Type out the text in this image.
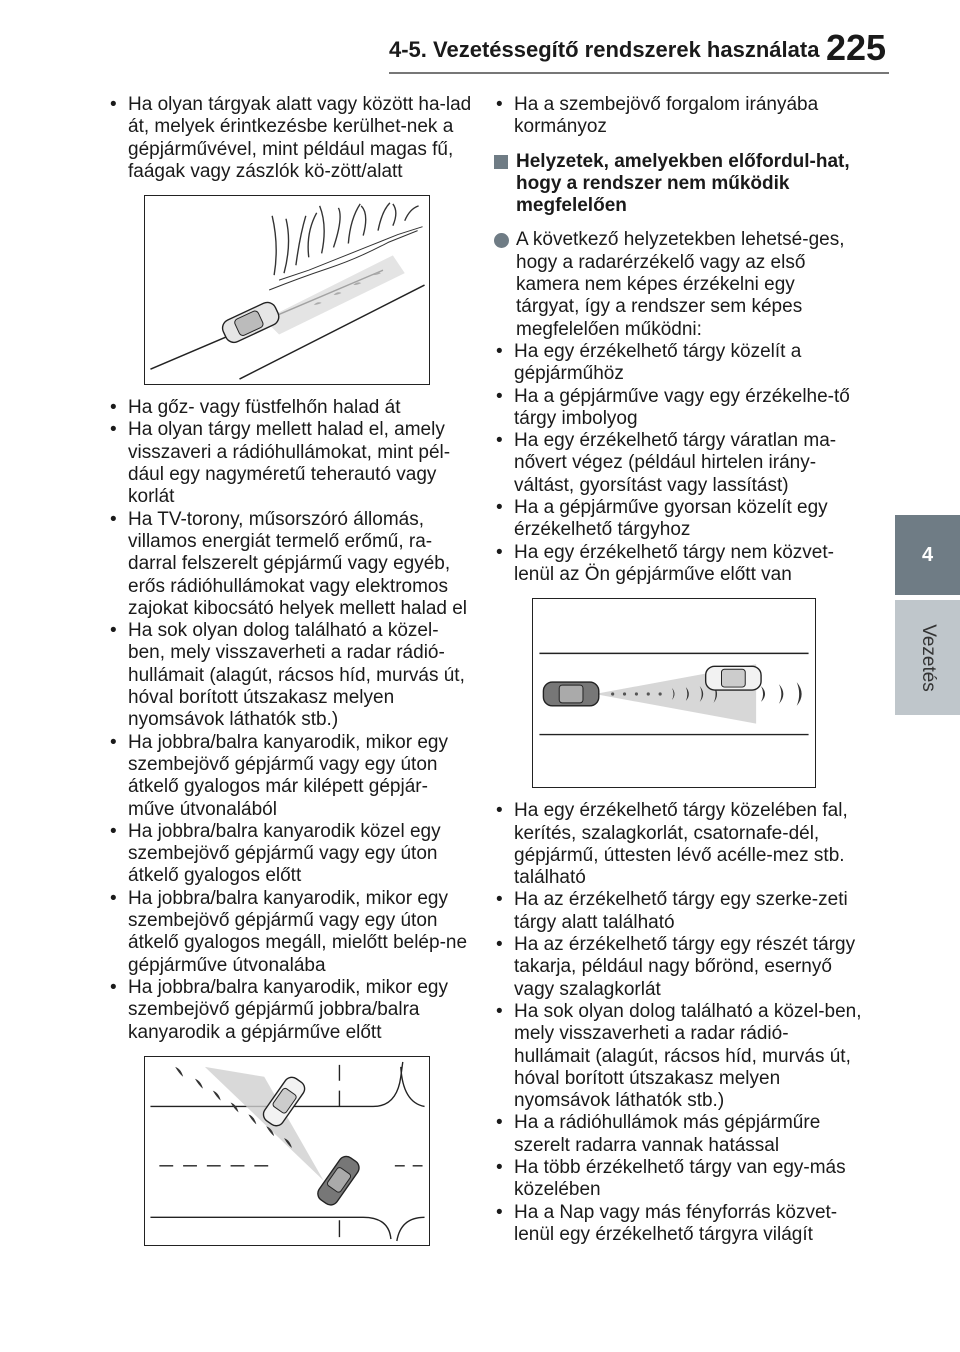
4-5. Vezetéssegítő rendszerek használata 225
4
Vezetés
• Ha olyan tárgyak alatt vagy között ha-lad át, melyek érintkezésbe kerülhet-nek a gépjárművével, mint például magas fű, faágak vagy zászlók kö-zött/alatt
• Ha gőz- vagy füstfelhőn halad át
• Ha olyan tárgy mellett halad el, amely visszaveri a rádióhullámokat, mint pél-dául egy nagyméretű teherautó vagy korlát
• Ha TV-torony, műsorszóró állomás, villamos energiát termelő erőmű, ra-darral felszerelt gépjármű vagy egyéb, erős rádióhullámokat vagy elektromos zajokat kibocsátó helyek mellett halad el
• Ha sok olyan dolog található a közel-ben, mely visszaverheti a radar rádió-hullámait (alagút, rácsos híd, murvás út, hóval borított útszakasz melyen nyomsávok láthatók stb.)
• Ha jobbra/balra kanyarodik, mikor egy szembejövő gépjármű vagy egy úton átkelő gyalogos már kilépett gépjár-műve útvonalából
• Ha jobbra/balra kanyarodik közel egy szembejövő gépjármű vagy egy úton átkelő gyalogos előtt
• Ha jobbra/balra kanyarodik, mikor egy szembejövő gépjármű vagy egy úton átkelő gyalogos megáll, mielőtt belép-ne gépjárműve útvonalába
• Ha jobbra/balra kanyarodik, mikor egy szembejövő gépjármű jobbra/balra kanyarodik a gépjárműve előtt
• Ha a szembejövő forgalom irányába kormányoz
Helyzetek, amelyekben előfordul-hat, hogy a rendszer nem működik megfelelően
A következő helyzetekben lehetsé-ges, hogy a radarérzékelő vagy az első kamera nem képes érzékelni egy tárgyat, így a rendszer sem képes megfelelően működni:
• Ha egy érzékelhető tárgy közelít a gépjárműhöz
• Ha a gépjárműve vagy egy érzékelhe-tő tárgy imbolyog
• Ha egy érzékelhető tárgy váratlan ma-nővert végez (például hirtelen irány-váltást, gyorsítást vagy lassítást)
• Ha a gépjárműve gyorsan közelít egy érzékelhető tárgyhoz
• Ha egy érzékelhető tárgy nem közvet-lenül az Ön gépjárműve előtt van
• Ha egy érzékelhető tárgy közelében fal, kerítés, szalagkorlát, csatornafe-dél, gépjármű, úttesten lévő acélle-mez stb. található
• Ha az érzékelhető tárgy egy szerke-zeti tárgy alatt található
• Ha az érzékelhető tárgy egy részét tárgy takarja, például nagy bőrönd, esernyő vagy szalagkorlát
• Ha sok olyan dolog található a közel-ben, mely visszaverheti a radar rádió-hullámait (alagút, rácsos híd, murvás út, hóval borított útszakasz melyen nyomsávok láthatók stb.)
• Ha a rádióhullámok más gépjárműre szerelt radarra vannak hatással
• Ha több érzékelhető tárgy van egy-más közelében
• Ha a Nap vagy más fényforrás közvet-lenül egy érzékelhető tárgyra világít
